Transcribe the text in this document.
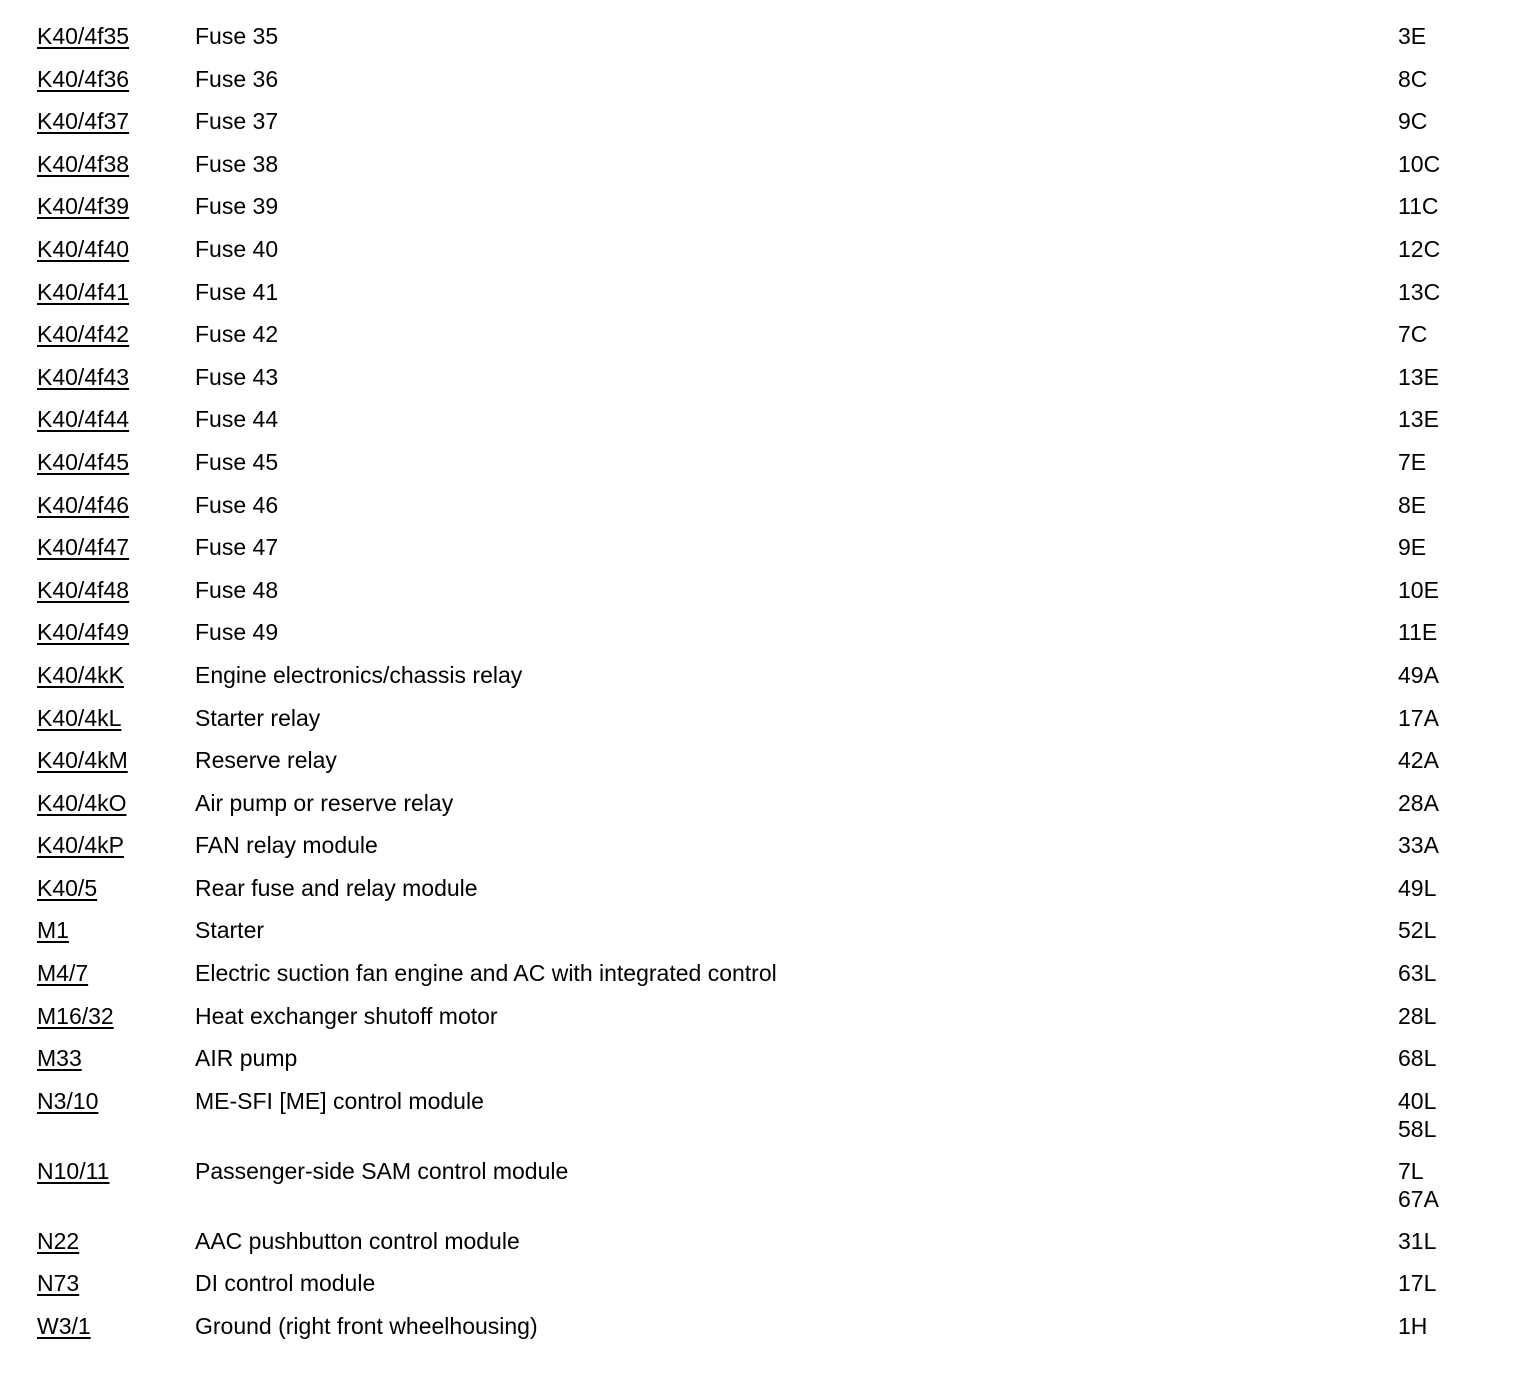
K40/4f35	Fuse 35	3E
K40/4f36	Fuse 36	8C
K40/4f37	Fuse 37	9C
K40/4f38	Fuse 38	10C
K40/4f39	Fuse 39	11C
K40/4f40	Fuse 40	12C
K40/4f41	Fuse 41	13C
K40/4f42	Fuse 42	7C
K40/4f43	Fuse 43	13E
K40/4f44	Fuse 44	13E
K40/4f45	Fuse 45	7E
K40/4f46	Fuse 46	8E
K40/4f47	Fuse 47	9E
K40/4f48	Fuse 48	10E
K40/4f49	Fuse 49	11E
K40/4kK	Engine electronics/chassis relay	49A
K40/4kL	Starter relay	17A
K40/4kM	Reserve relay	42A
K40/4kO	Air pump or reserve relay	28A
K40/4kP	FAN relay module	33A
K40/5	Rear fuse and relay module	49L
M1	Starter	52L
M4/7	Electric suction fan engine and AC with integrated control	63L
M16/32	Heat exchanger shutoff motor	28L
M33	AIR pump	68L
N3/10	ME-SFI [ME] control module	40L
58L
N10/11	Passenger-side SAM control module	7L
67A
N22	AAC pushbutton control module	31L
N73	DI control module	17L
W3/1	Ground (right front wheelhousing)	1H
